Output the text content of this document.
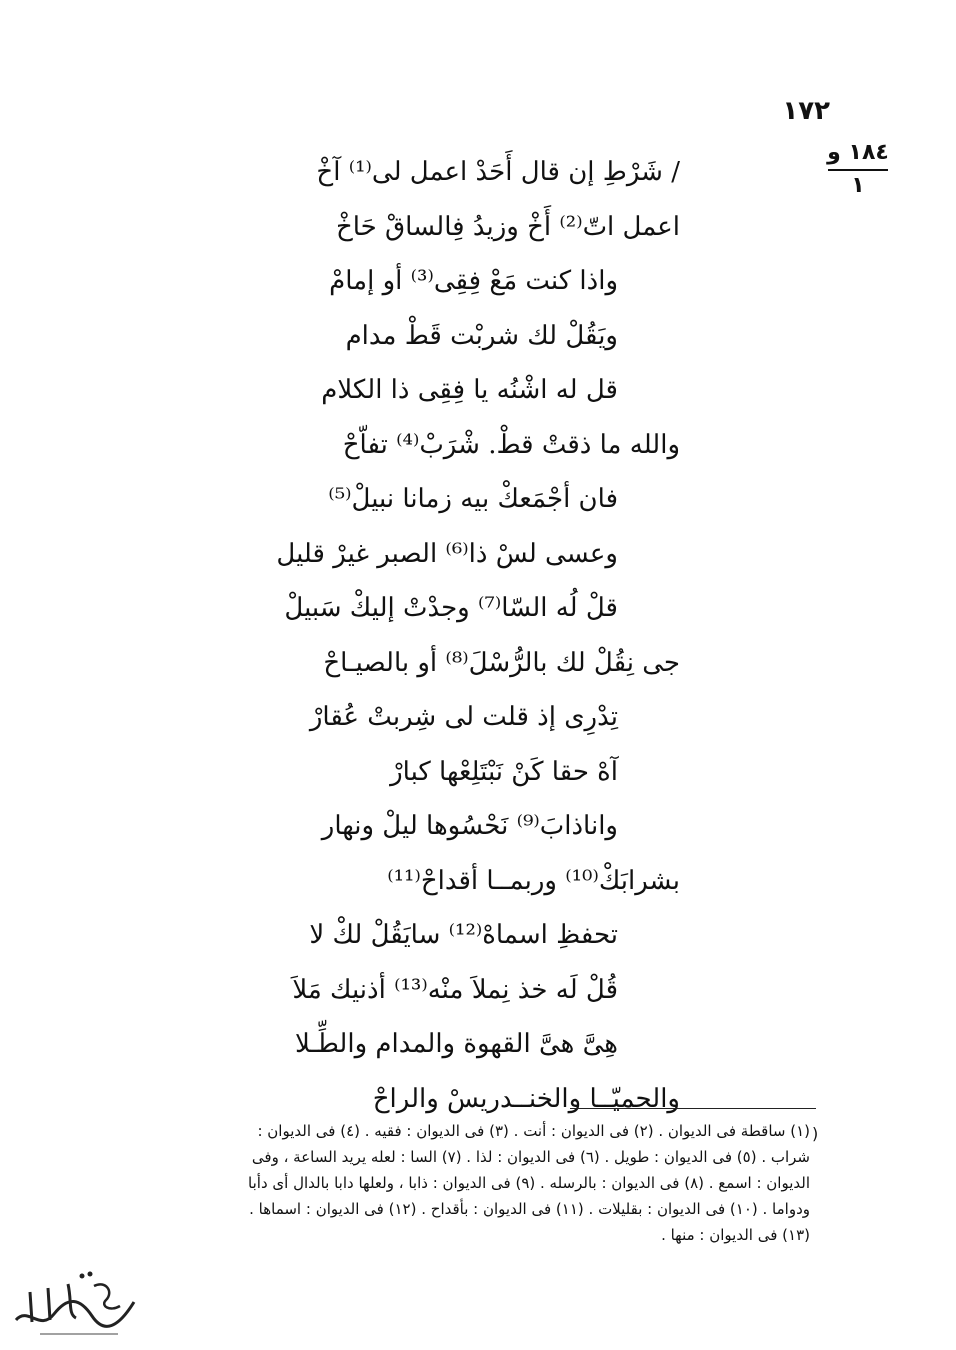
١٧٢
١٨٤ و
١
/ شَرْطِ إن قال أَحَدْ اعمل لى⁽¹⁾ آخْ
اعمل اتّ⁽²⁾ أَخْ وزيدُ فِالساقْ حَاخْ
واذا كنت مَعْ فِقِى⁽³⁾ أو إمامْ
ويَقُلْ لك شربْت قَطْ مدام
قل له اشْنُه يا فِقِى ذا الكلام
والله ما ذقتْ قطْ. شْرَبْ⁽⁴⁾ تفاّحْ
فان أجْمَعكْ بيه زمانا نبيلْ⁽⁵⁾
وعسى لسْ ذا⁽⁶⁾ الصبر غيرْ قليل
قلْ لُه السّا⁽⁷⁾ وجدْتْ إليكْ سَبيلْ
جى نِقُلْ لك بالرُّسْلَ⁽⁸⁾ أو بالصيـاحْ
تِدْرِى إذ قلت لى شِربتْ عُقارْ
آهْ حقا كَنْ نَبْتَلِعْها كبارْ
واناذابَ⁽⁹⁾ نَحْسُوها ليلْ ونهار
بشرابَكْ⁽¹⁰⁾ وربمــا أقداحْ⁽¹¹⁾
تحفظِ اسماهْ⁽¹²⁾ سايَقُلْ لكْ لا
قُلْ لَه خذ نِملاَ منْه⁽¹³⁾ أذنيك مَلاَ
هِىَّ هىَّ القهوة والمدام والطِّـلا
والحميّــا والخنــدريسْ والراحْ
)

(١) ساقطة فى الديوان . (٢) فى الديوان : أنت . (٣) فى الديوان : فقيه . (٤) فى الديوان :

شراب . (٥) فى الديوان : طويل . (٦) فى الديوان : لذا . (٧) السا : لعله يريد الساعة ، وفى

الديوان : اسمع . (٨) فى الديوان : بالرسله . (٩) فى الديوان : ذابا ، ولعلها دابا بالدال أى دأبا

ودواما . (١٠) فى الديوان : بقليلات . (١١) فى الديوان : بأقداح . (١٢) فى الديوان : اسماها .

(١٣) فى الديوان : منها .
